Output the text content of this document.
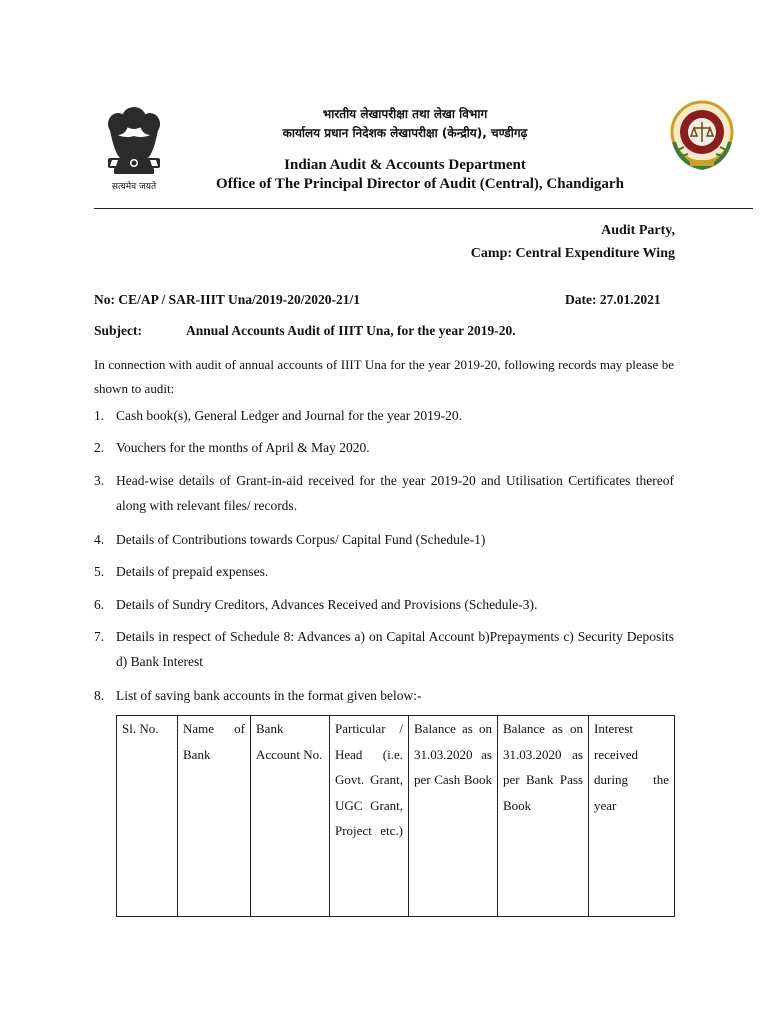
सत्यमेव जयते
भारतीय लेखापरीक्षा तथा लेखा विभाग
कार्यालय प्रधान निदेशक लेखापरीक्षा (केन्द्रीय), चण्डीगढ़
Indian Audit & Accounts Department
Office of The Principal Director of Audit (Central), Chandigarh
Audit Party,
Camp: Central Expenditure Wing
No: CE/AP / SAR-IIIT Una/2019-20/2020-21/1	Date: 27.01.2021
Subject:	Annual Accounts Audit of IIIT Una, for the year 2019-20.
In connection with audit of annual accounts of IIIT Una for the year 2019-20, following records may please be shown to audit:
1. Cash book(s), General Ledger and Journal for the year 2019-20.
2. Vouchers for the months of April & May 2020.
3. Head-wise details of Grant-in-aid received for the year 2019-20 and Utilisation Certificates thereof along with relevant files/ records.
4. Details of Contributions towards Corpus/ Capital Fund (Schedule-1)
5. Details of prepaid expenses.
6. Details of Sundry Creditors, Advances Received and Provisions (Schedule-3).
7. Details in respect of Schedule 8: Advances a) on Capital Account b)Prepayments c) Security Deposits d) Bank Interest
8. List of saving bank accounts in the format given below:-
Sl. No.	Name of Bank	Bank Account No.	Particular / Head (i.e. Govt. Grant, UGC Grant, Project etc.)	Balance as on 31.03.2020 as per Cash Book	Balance as on 31.03.2020 as per Bank Pass Book	Interest received during the year
